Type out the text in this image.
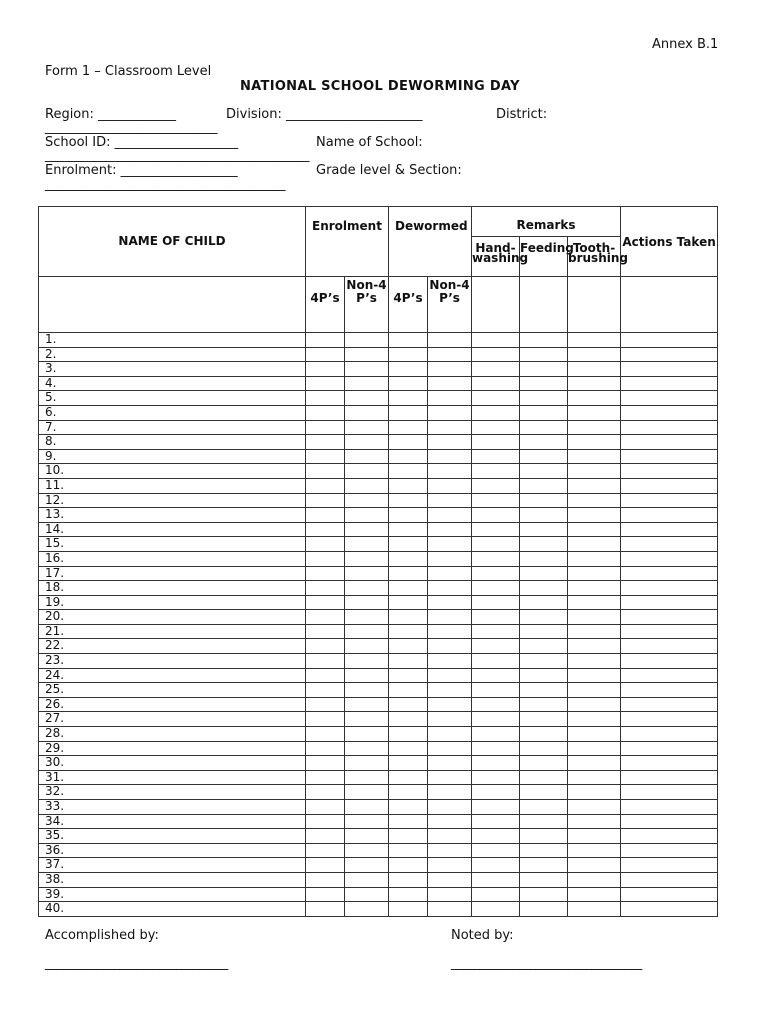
Annex B.1
Form 1 – Classroom Level
NATIONAL SCHOOL DEWORMING DAY
Region: ____________	Division: _____________________	District:
____________________________
School ID: ___________________	Name of School:
____________________________________________
Enrolment: __________________	Grade level & Section:
________________________________________
NAME OF CHILD	Enrolment		Dewormed		Remarks			Actions Taken
					Hand-washing	Feeding	Tooth-brushing	
	4P’s	Non-4P’s	4P’s	Non-4P’s				
1.								
2.								
3.								
4.								
5.								
6.								
7.								
8.								
9.								
10.								
11.								
12.								
13.								
14.								
15.								
16.								
17.								
18.								
19.								
20.								
21.								
22.								
23.								
24.								
25.								
26.								
27.								
28.								
29.								
30.								
31.								
32.								
33.								
34.								
35.								
36.								
37.								
38.								
39.								
40.								
Accomplished by:	Noted by:
________________________________	__________________________________
